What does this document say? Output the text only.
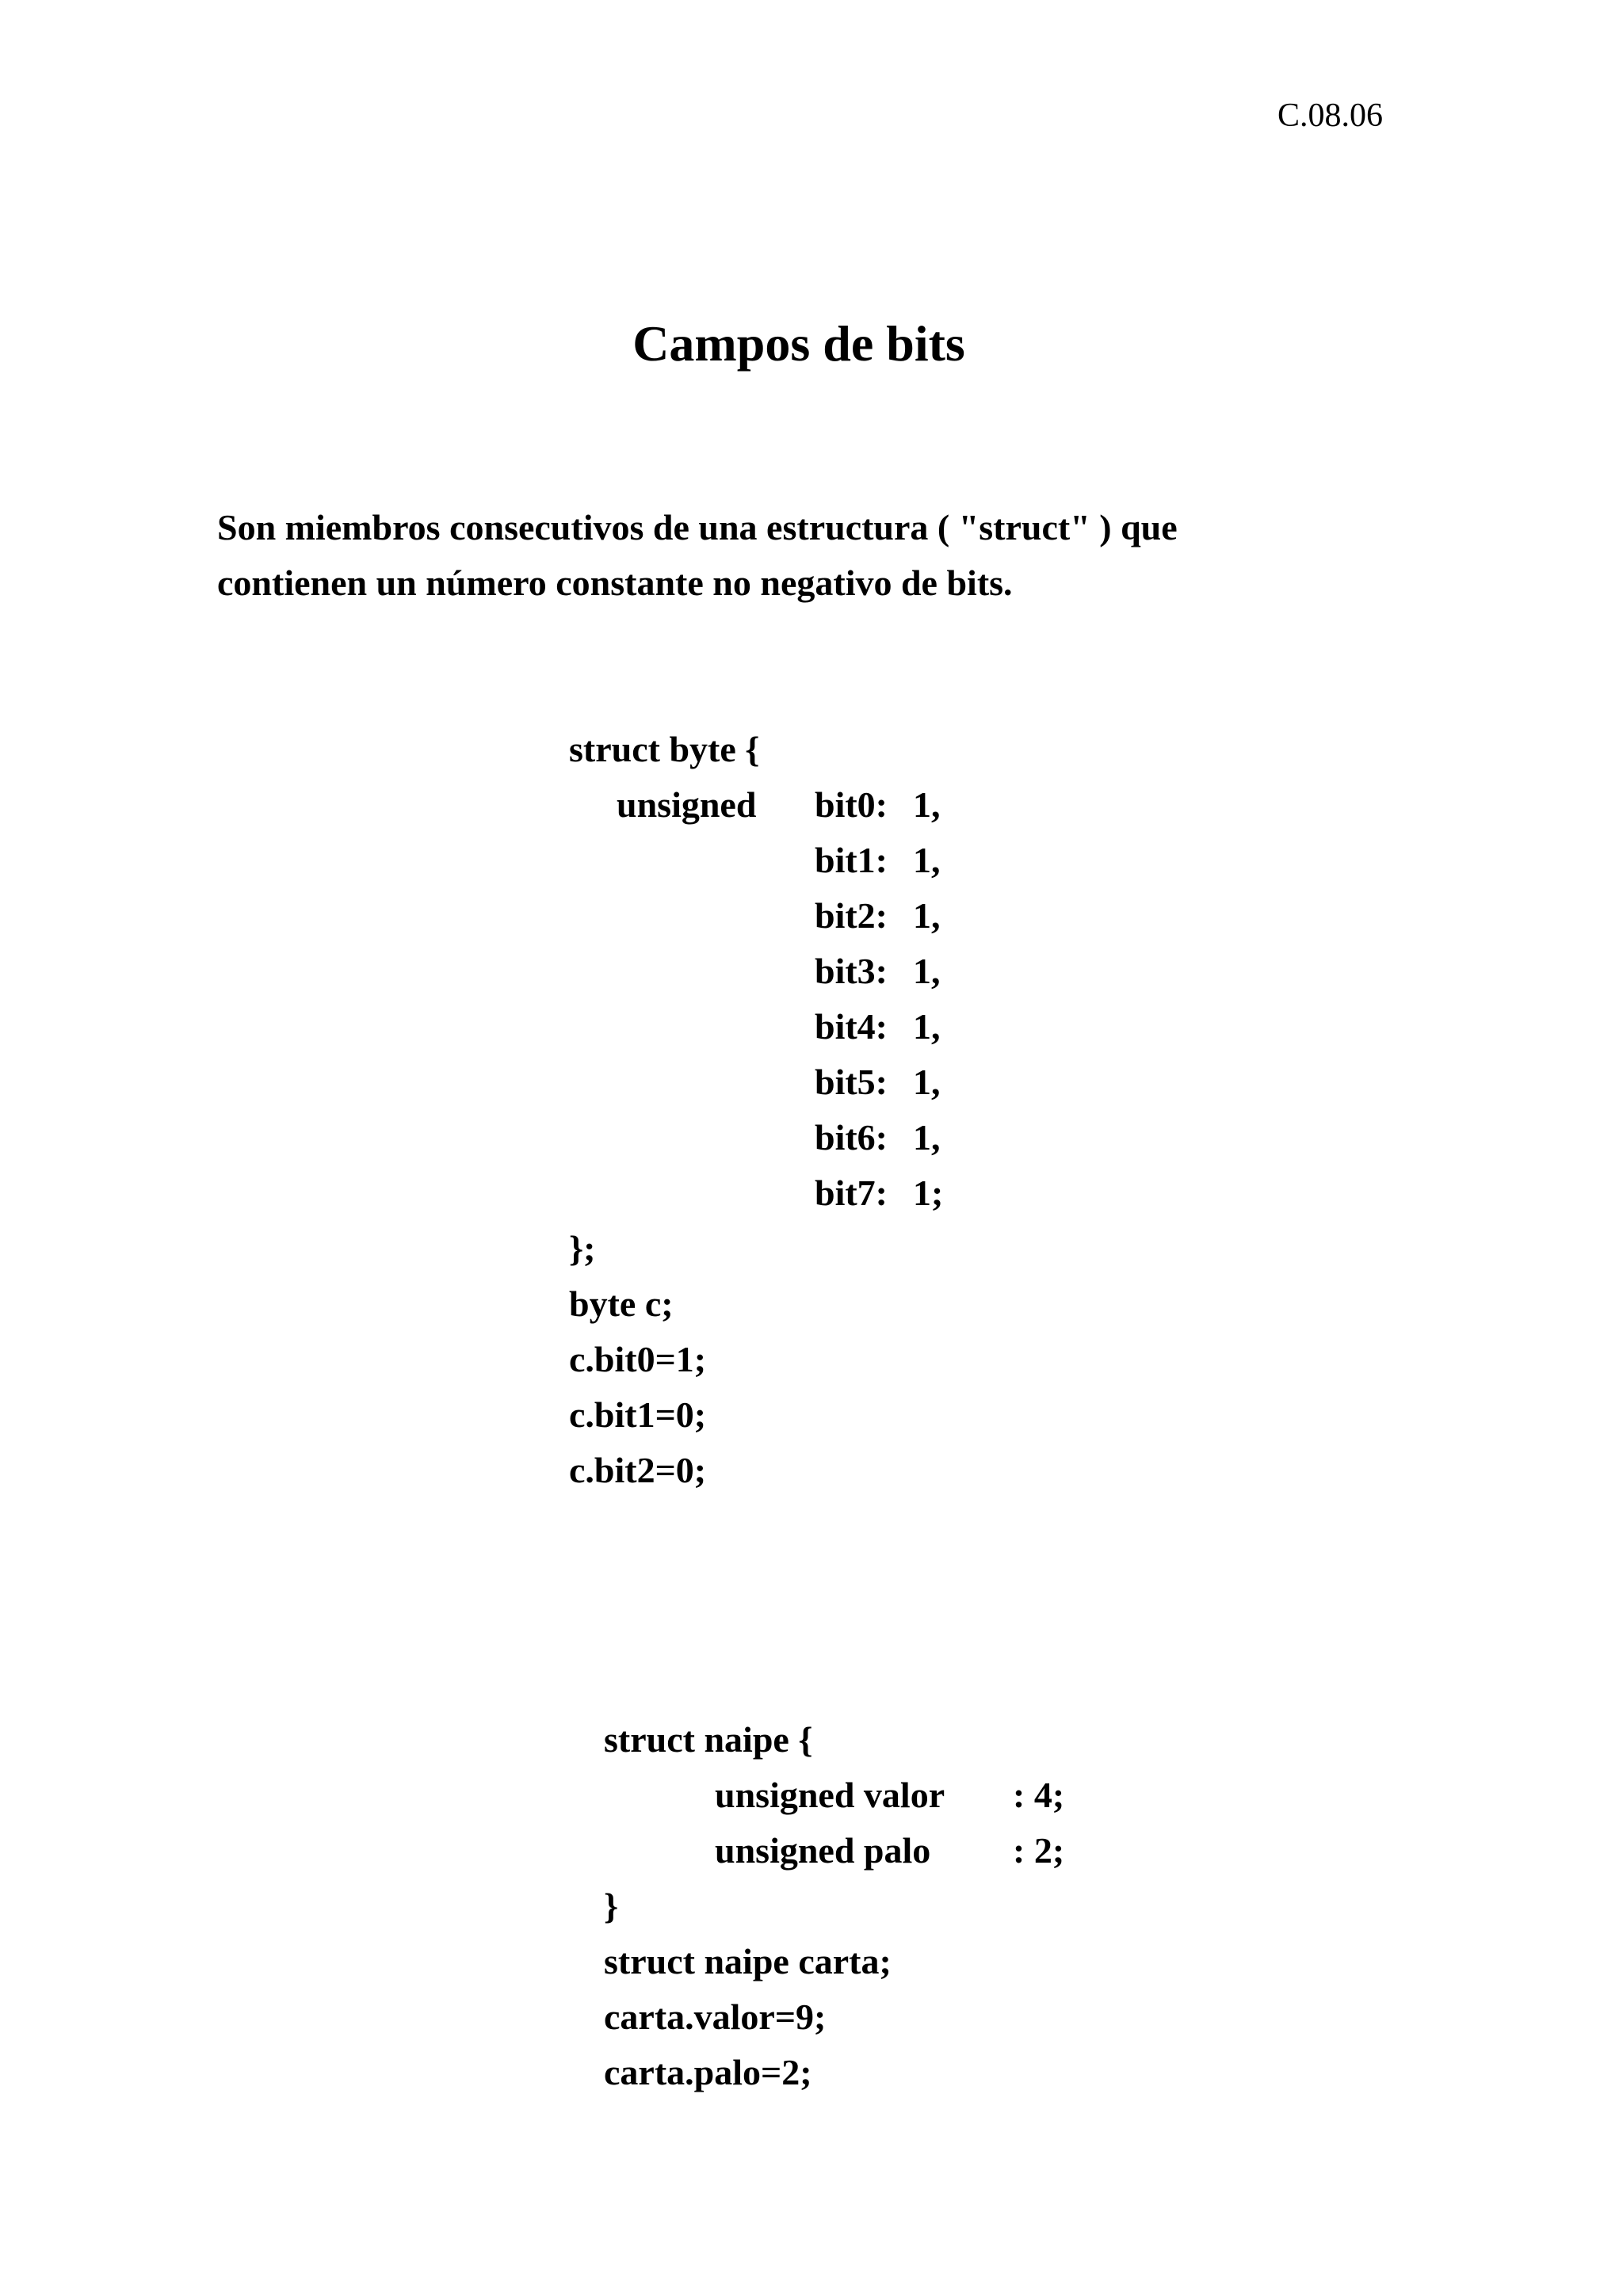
C.08.06
Campos de bits
Son miembros consecutivos de una estructura ( "struct" ) que
contienen un número constante no negativo de bits.
struct byte {
unsigned bit0: 1,
bit1: 1,
bit2: 1,
bit3: 1,
bit4: 1,
bit5: 1,
bit6: 1,
bit7: 1;
};
byte c;
c.bit0=1;
c.bit1=0;
c.bit2=0;
struct naipe {
unsigned valor : 4;
unsigned palo : 2;
}
struct naipe carta;
carta.valor=9;
carta.palo=2;
